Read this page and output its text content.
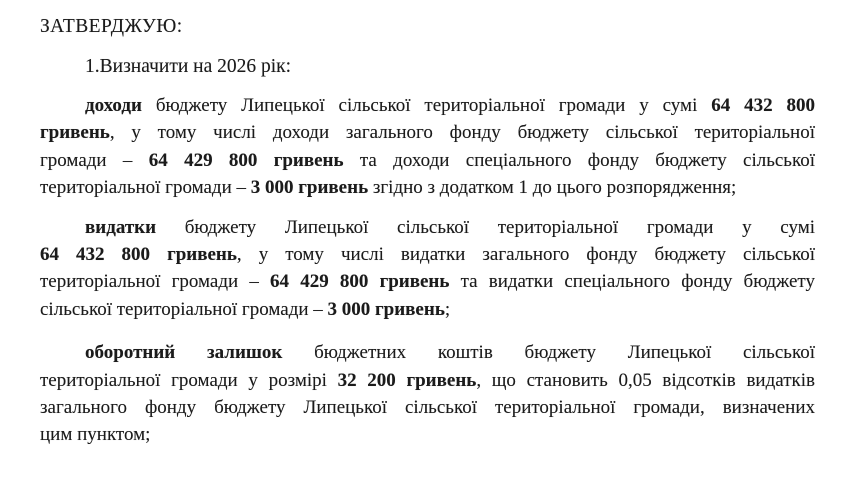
ЗАТВЕРДЖУЮ:
1.Визначити на 2026 рік:
доходи бюджету Липецької сільської територіальної громади у сумі 64 432 800
гривень, у тому числі доходи загального фонду бюджету сільської територіальної
громади – 64 429 800 гривень та доходи спеціального фонду бюджету сільської
територіальної громади – 3 000 гривень згідно з додатком 1 до цього розпорядження;
видатки бюджету Липецької сільської територіальної громади у сумі
64 432 800 гривень, у тому числі видатки загального фонду бюджету сільської
територіальної громади – 64 429 800 гривень та видатки спеціального фонду бюджету
сільської територіальної громади – 3 000 гривень;
оборотний залишок бюджетних коштів бюджету Липецької сільської
територіальної громади у розмірі 32 200 гривень, що становить 0,05 відсотків видатків
загального фонду бюджету Липецької сільської територіальної громади, визначених
цим пунктом;
